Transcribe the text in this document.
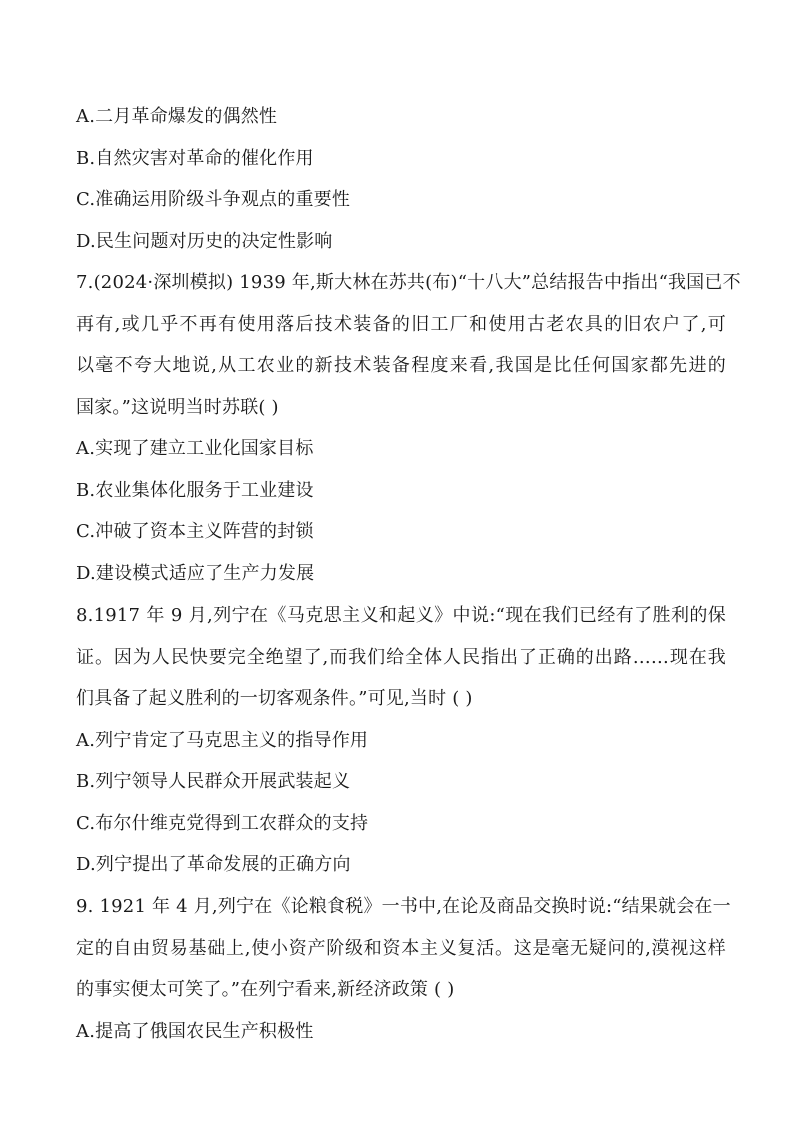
A.二月革命爆发的偶然性
B.自然灾害对革命的催化作用
C.准确运用阶级斗争观点的重要性
D.民生问题对历史的决定性影响
7.(2024·深圳模拟) 1939 年,斯大林在苏共(布)“十八大”总结报告中指出“我国已不
再有,或几乎不再有使用落后技术装备的旧工厂和使用古老农具的旧农户了,可
以毫不夸大地说,从工农业的新技术装备程度来看,我国是比任何国家都先进的
国家。”这说明当时苏联( )
A.实现了建立工业化国家目标
B.农业集体化服务于工业建设
C.冲破了资本主义阵营的封锁
D.建设模式适应了生产力发展
8.1917 年 9 月,列宁在《马克思主义和起义》中说:“现在我们已经有了胜利的保
证。因为人民快要完全绝望了,而我们给全体人民指出了正确的出路……现在我
们具备了起义胜利的一切客观条件。”可见,当时 ( )
A.列宁肯定了马克思主义的指导作用
B.列宁领导人民群众开展武装起义
C.布尔什维克党得到工农群众的支持
D.列宁提出了革命发展的正确方向
9. 1921 年 4 月,列宁在《论粮食税》一书中,在论及商品交换时说:“结果就会在一
定的自由贸易基础上,使小资产阶级和资本主义复活。这是毫无疑问的,漠视这样
的事实便太可笑了。”在列宁看来,新经济政策 ( )
A.提高了俄国农民生产积极性
